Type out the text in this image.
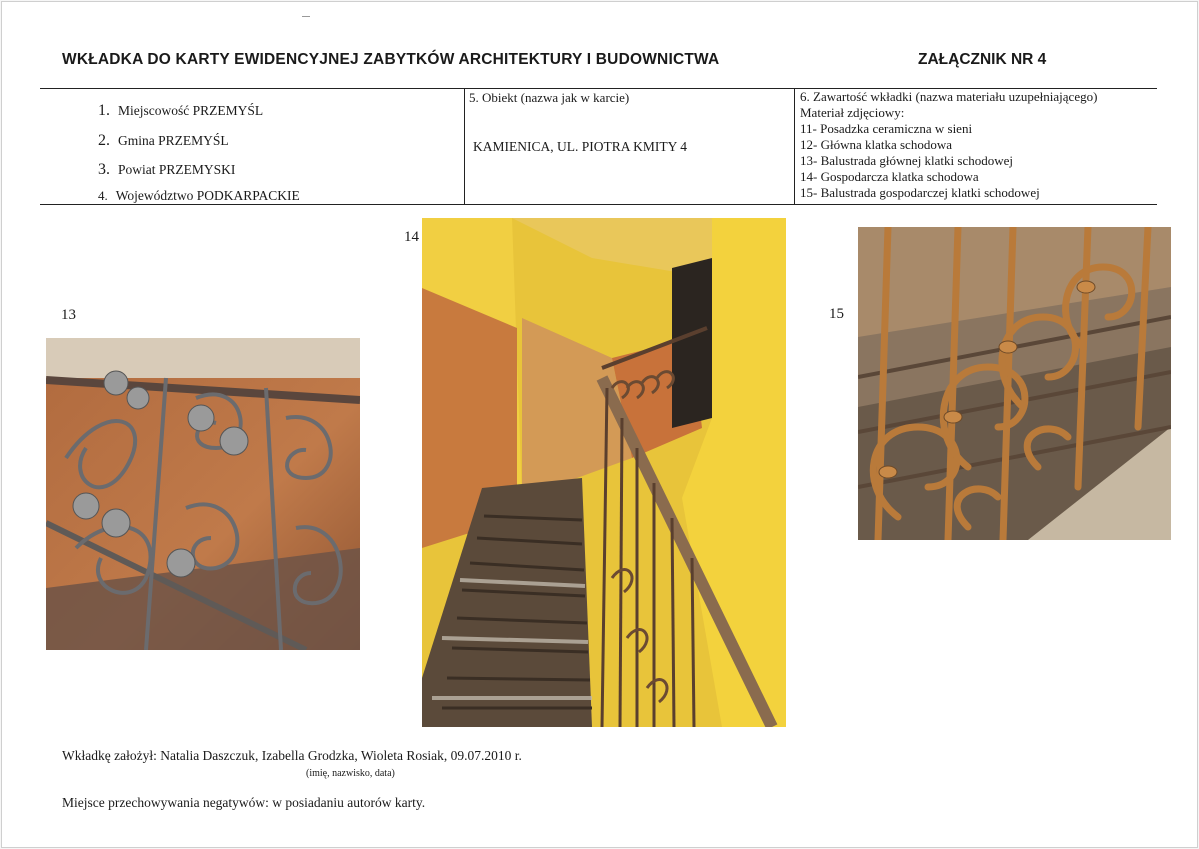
WKŁADKA DO KARTY EWIDENCYJNEJ ZABYTKÓW ARCHITEKTURY I BUDOWNICTWA	ZAŁĄCZNIK NR 4
1. Miejscowość PRZEMYŚL
2. Gmina PRZEMYŚL
3. Powiat PRZEMYSKI
4. Województwo PODKARPACKIE
5. Obiekt (nazwa jak w karcie)
KAMIENICA, UL. PIOTRA KMITY 4
6. Zawartość wkładki (nazwa materiału uzupełniającego)
Materiał zdjęciowy:
11- Posadzka ceramiczna w sieni
12- Główna klatka schodowa
13- Balustrada głównej klatki schodowej
14- Gospodarcza klatka schodowa
15- Balustrada gospodarczej klatki schodowej
13
14
15
Wkładkę założył: Natalia Daszczuk, Izabella Grodzka, Wioleta Rosiak, 09.07.2010 r.
(imię, nazwisko, data)
Miejsce przechowywania negatywów: w posiadaniu autorów karty.
